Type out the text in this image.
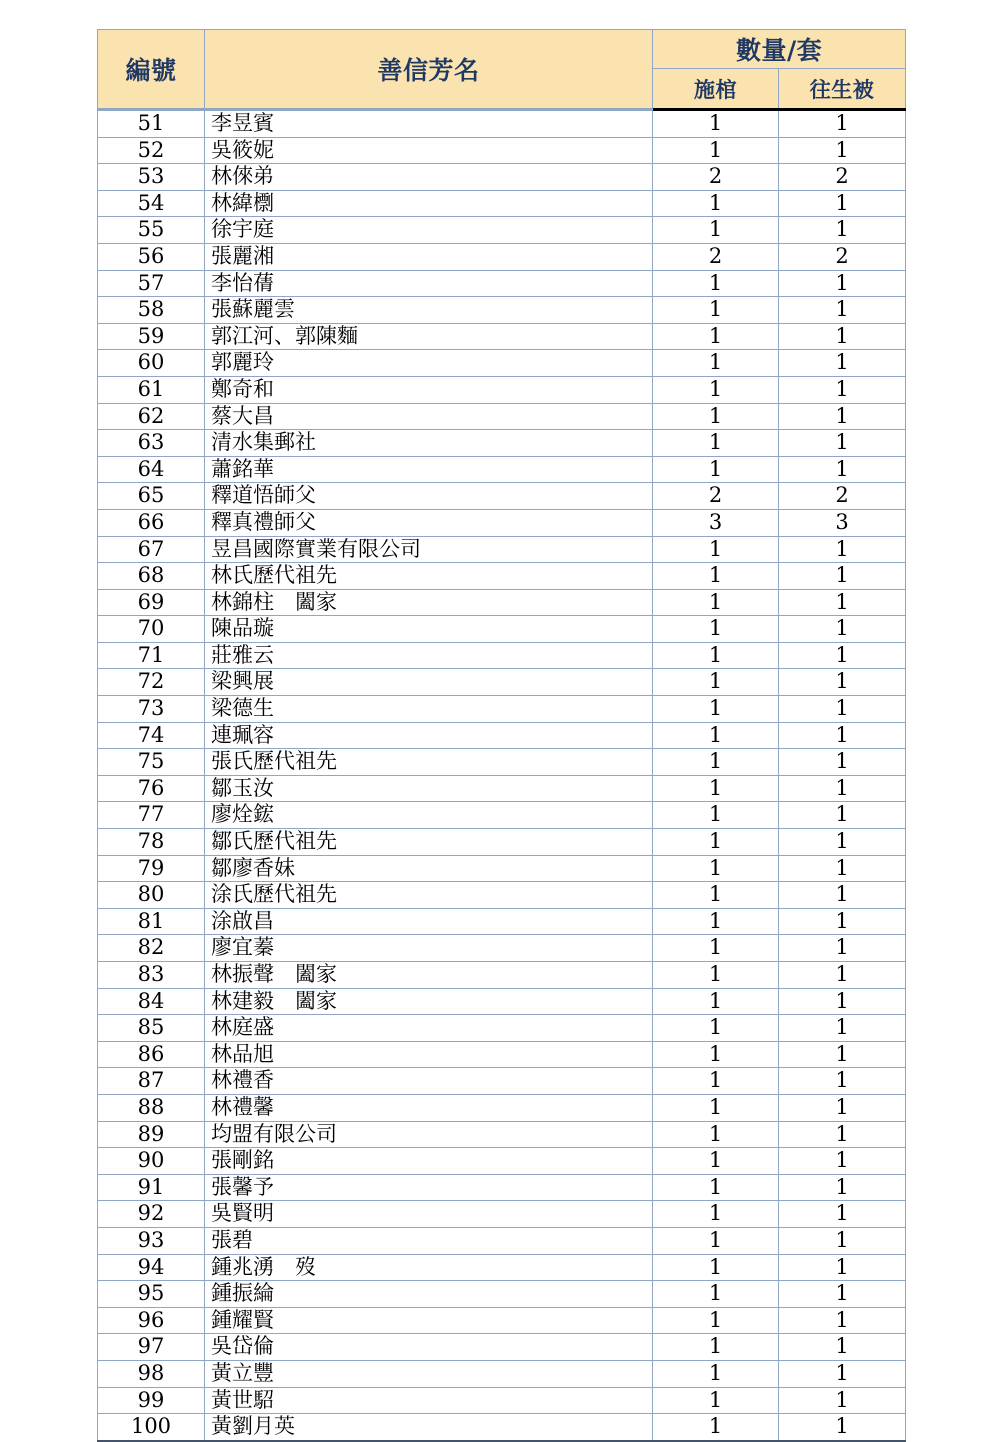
編號	善信芳名	數量/套	
		施棺	往生被
51	李昱賓	1	1
52	吳筱妮	1	1
53	林倈弟	2	2
54	林緯檦	1	1
55	徐宇庭	1	1
56	張麗湘	2	2
57	李怡蒨	1	1
58	張蘇麗雲	1	1
59	郭江河、郭陳麵	1	1
60	郭麗玲	1	1
61	鄭奇和	1	1
62	蔡大昌	1	1
63	清水集郵社	1	1
64	蕭銘華	1	1
65	釋道悟師父	2	2
66	釋真禮師父	3	3
67	昱昌國際實業有限公司	1	1
68	林氏歷代祖先	1	1
69	林錦柱　闔家	1	1
70	陳品璇	1	1
71	莊雅云	1	1
72	梁興展	1	1
73	梁德生	1	1
74	連珮容	1	1
75	張氏歷代祖先	1	1
76	鄒玉汝	1	1
77	廖烇鋐	1	1
78	鄒氏歷代祖先	1	1
79	鄒廖香妹	1	1
80	涂氏歷代祖先	1	1
81	涂啟昌	1	1
82	廖宜蓁	1	1
83	林振聲　闔家	1	1
84	林建毅　闔家	1	1
85	林庭盛	1	1
86	林品旭	1	1
87	林禮香	1	1
88	林禮馨	1	1
89	均盟有限公司	1	1
90	張剛銘	1	1
91	張馨予	1	1
92	吳賢明	1	1
93	張碧	1	1
94	鍾兆湧　歿	1	1
95	鍾振綸	1	1
96	鍾耀賢	1	1
97	吳岱倫	1	1
98	黃立豐	1	1
99	黃世駋	1	1
100	黃劉月英	1	1
